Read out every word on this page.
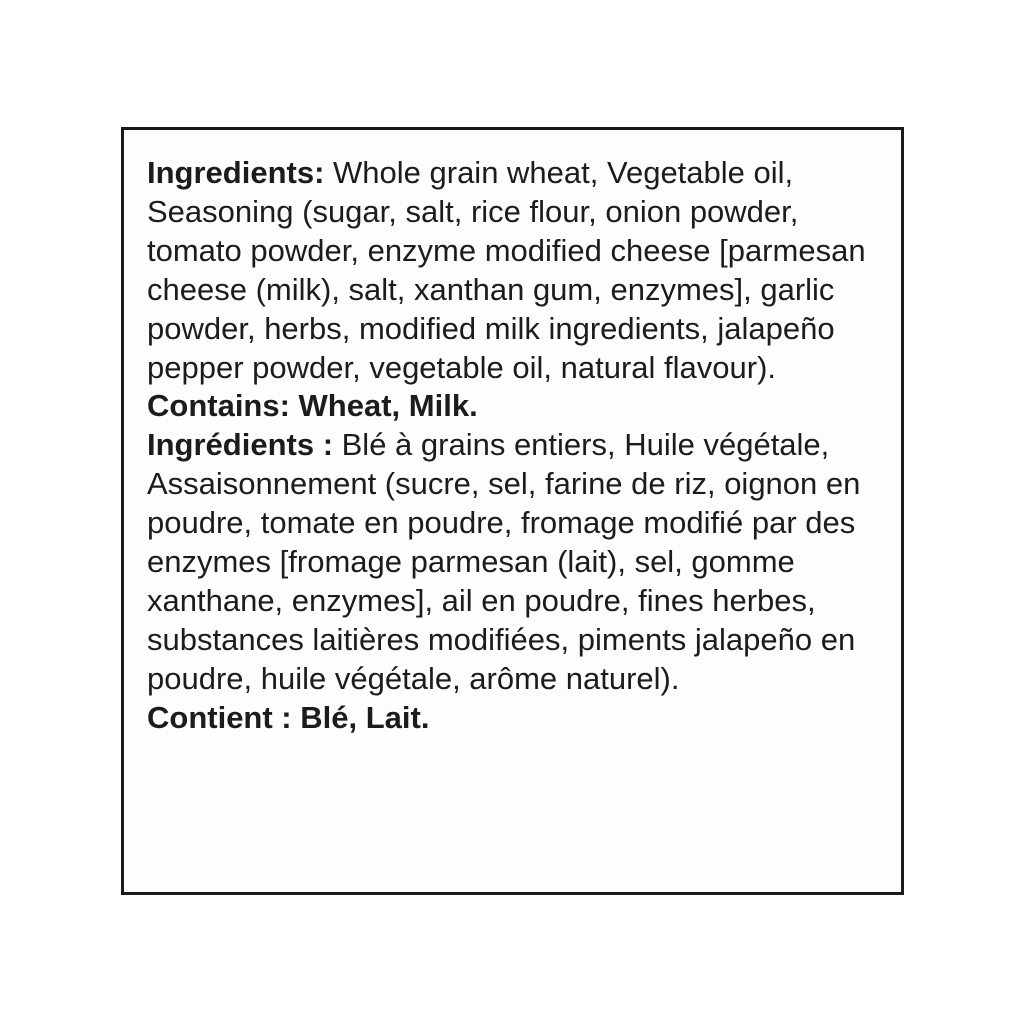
Ingredients: Whole grain wheat, Vegetable oil, Seasoning (sugar, salt, rice flour, onion powder, tomato powder, enzyme modified cheese [parmesan cheese (milk), salt, xanthan gum, enzymes], garlic powder, herbs, modified milk ingredients, jalapeño pepper powder, vegetable oil, natural flavour).

Contains: Wheat, Milk.

Ingrédients : Blé à grains entiers, Huile végétale, Assaisonnement (sucre, sel, farine de riz, oignon en poudre, tomate en poudre, fromage modifié par des enzymes [fromage parmesan (lait), sel, gomme xanthane, enzymes], ail en poudre, fines herbes, substances laitières modifiées, piments jalapeño en poudre, huile végétale, arôme naturel).

Contient : Blé, Lait.
